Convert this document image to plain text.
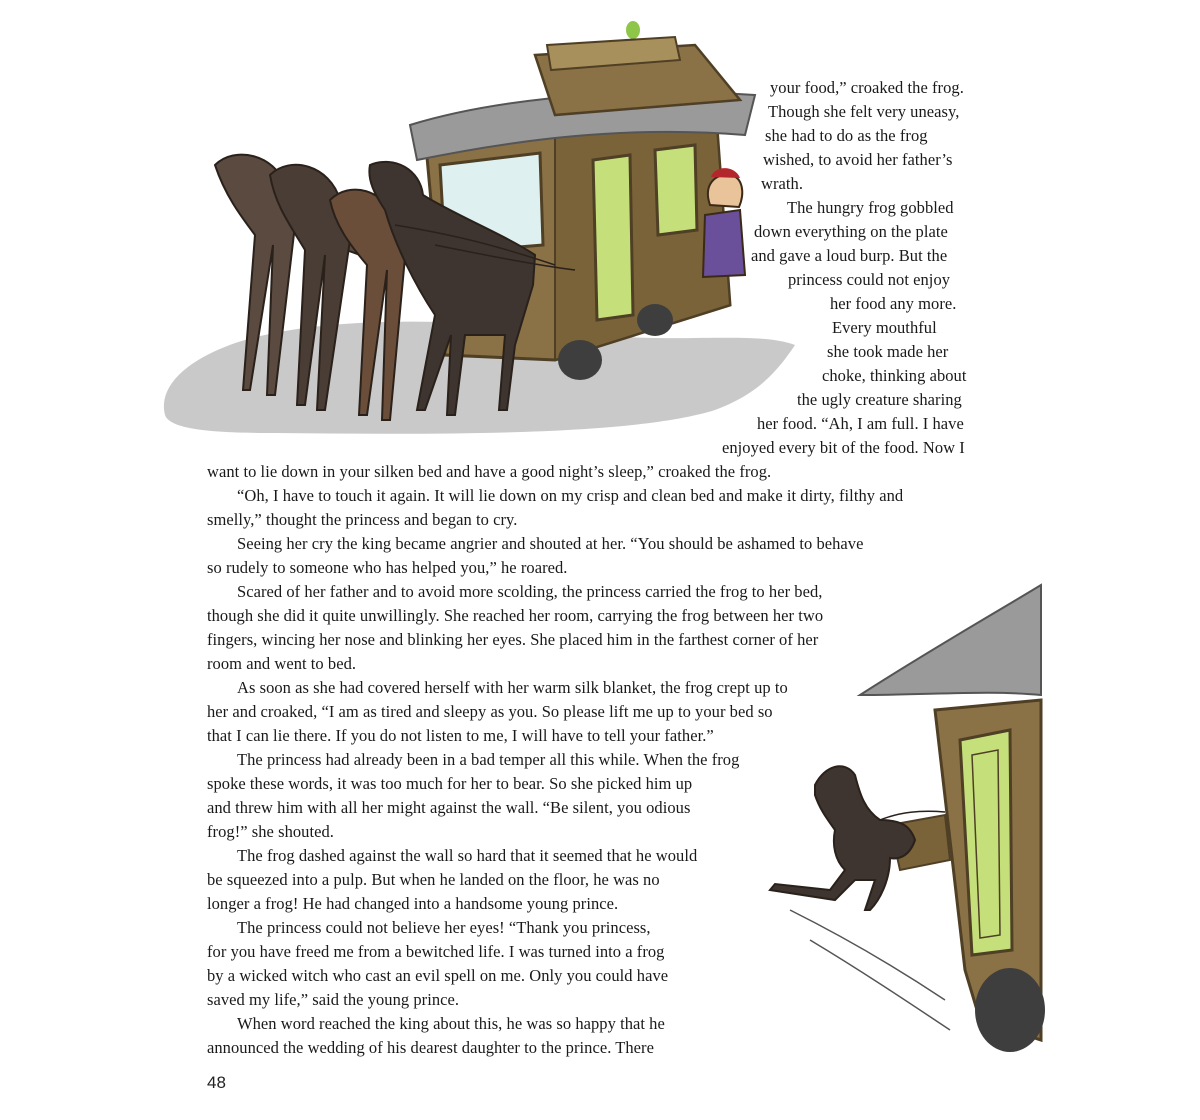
your food,” croaked the frog.
Though she felt very uneasy,
she had to do as the frog
wished, to avoid her father’s
wrath.
The hungry frog gobbled
down everything on the plate
and gave a loud burp. But the
princess could not enjoy
her food any more.
Every mouthful
she took made her
choke, thinking about
the ugly creature sharing
her food. “Ah, I am full. I have
enjoyed every bit of the food. Now I
want to lie down in your silken bed and have a good night’s sleep,” croaked the frog.
“Oh, I have to touch it again. It will lie down on my crisp and clean bed and make it dirty, filthy and
smelly,” thought the princess and began to cry.
Seeing her cry the king became angrier and shouted at her. “You should be ashamed to behave
so rudely to someone who has helped you,” he roared.
Scared of her father and to avoid more scolding, the princess carried the frog to her bed,
though she did it quite unwillingly. She reached her room, carrying the frog between her two
fingers, wincing her nose and blinking her eyes. She placed him in the farthest corner of her
room and went to bed.
As soon as she had covered herself with her warm silk blanket, the frog crept up to
her and croaked, “I am as tired and sleepy as you. So please lift me up to your bed so
that I can lie there. If you do not listen to me, I will have to tell your father.”
The princess had already been in a bad temper all this while. When the frog
spoke these words, it was too much for her to bear. So she picked him up
and threw him with all her might against the wall. “Be silent, you odious
frog!” she shouted.
The frog dashed against the wall so hard that it seemed that he would
be squeezed into a pulp. But when he landed on the floor, he was no
longer a frog! He had changed into a handsome young prince.
The princess could not believe her eyes! “Thank you princess,
for you have freed me from a bewitched life. I was turned into a frog
by a wicked witch who cast an evil spell on me. Only you could have
saved my life,” said the young prince.
When word reached the king about this, he was so happy that he
announced the wedding of his dearest daughter to the prince. There
48
